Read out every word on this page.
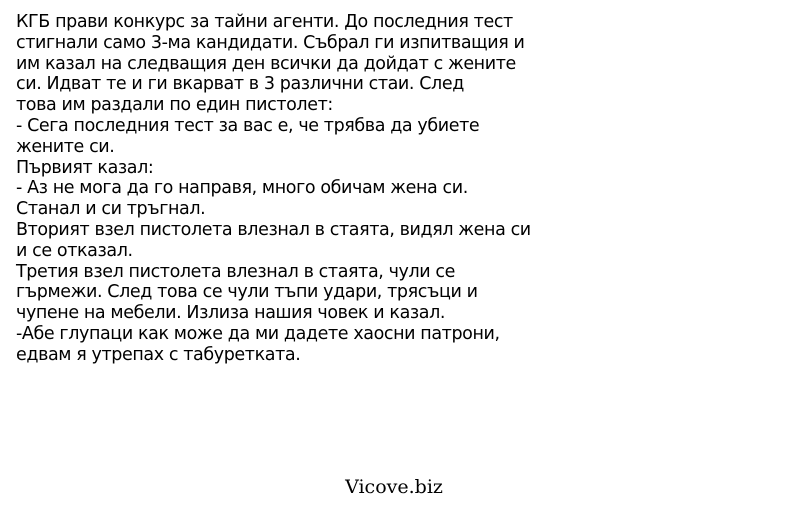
КГБ прави конкурс за тайни агенти. До последния тест
стигнали само 3-ма кандидати. Събрал ги изпитващия и
им казал на следващия ден всички да дойдат с жените
си. Идват те и ги вкарват в 3 различни стаи. След
това им раздали по един пистолет:
- Сега последния тест за вас е, че трябва да убиете
жените си.
Първият казал:
- Аз не мога да го направя, много обичам жена си.
Станал и си тръгнал.
Вторият взел пистолета влезнал в стаята, видял жена си
и се отказал.
Третия взел пистолета влезнал в стаята, чули се
гърмежи. След това се чули тъпи удари, трясъци и
чупене на мебели. Излиза нашия човек и казал.
-Абе глупаци как може да ми дадете хаосни патрони,
едвам я утрепах с табуретката.
Vicove.biz
